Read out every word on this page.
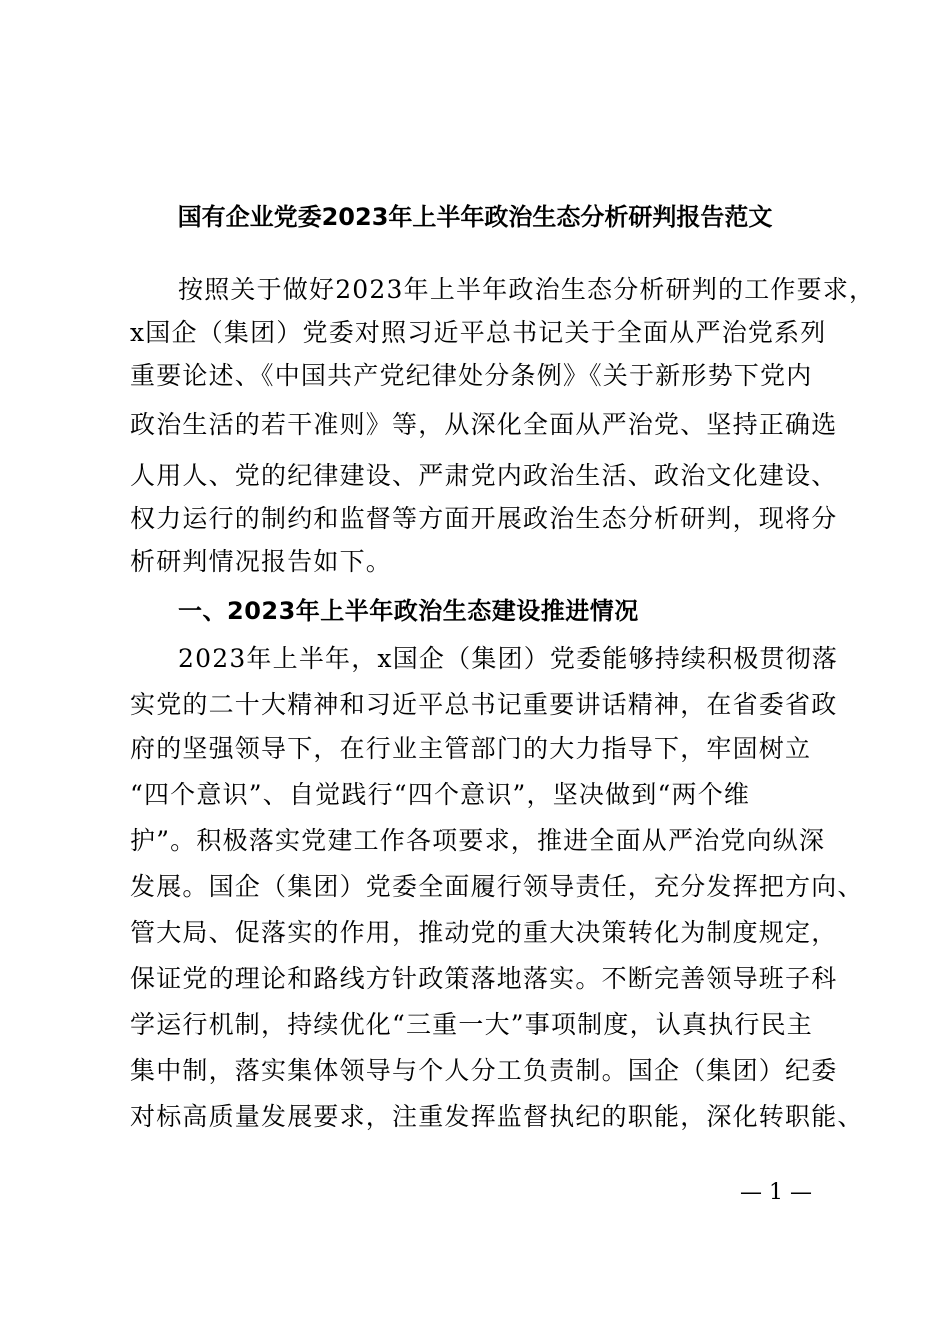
国有企业党委2023年上半年政治生态分析研判报告范文
按照关于做好2023年上半年政治生态分析研判的工作要求，
x国企（集团）党委对照习近平总书记关于全面从严治党系列
重要论述、《中国共产党纪律处分条例》《关于新形势下党内
政治生活的若干准则》等，从深化全面从严治党、坚持正确选
人用人、党的纪律建设、严肃党内政治生活、政治文化建设、
权力运行的制约和监督等方面开展政治生态分析研判，现将分
析研判情况报告如下。
一、2023年上半年政治生态建设推进情况
2023年上半年，x国企（集团）党委能够持续积极贯彻落
实党的二十大精神和习近平总书记重要讲话精神，在省委省政
府的坚强领导下，在行业主管部门的大力指导下，牢固树立
“四个意识”、自觉践行“四个意识”，坚决做到“两个维
护”。积极落实党建工作各项要求，推进全面从严治党向纵深
发展。国企（集团）党委全面履行领导责任，充分发挥把方向、
管大局、促落实的作用，推动党的重大决策转化为制度规定，
保证党的理论和路线方针政策落地落实。不断完善领导班子科
学运行机制，持续优化“三重一大”事项制度，认真执行民主
集中制，落实集体领导与个人分工负责制。国企（集团）纪委
对标高质量发展要求，注重发挥监督执纪的职能，深化转职能、
— 1 —
